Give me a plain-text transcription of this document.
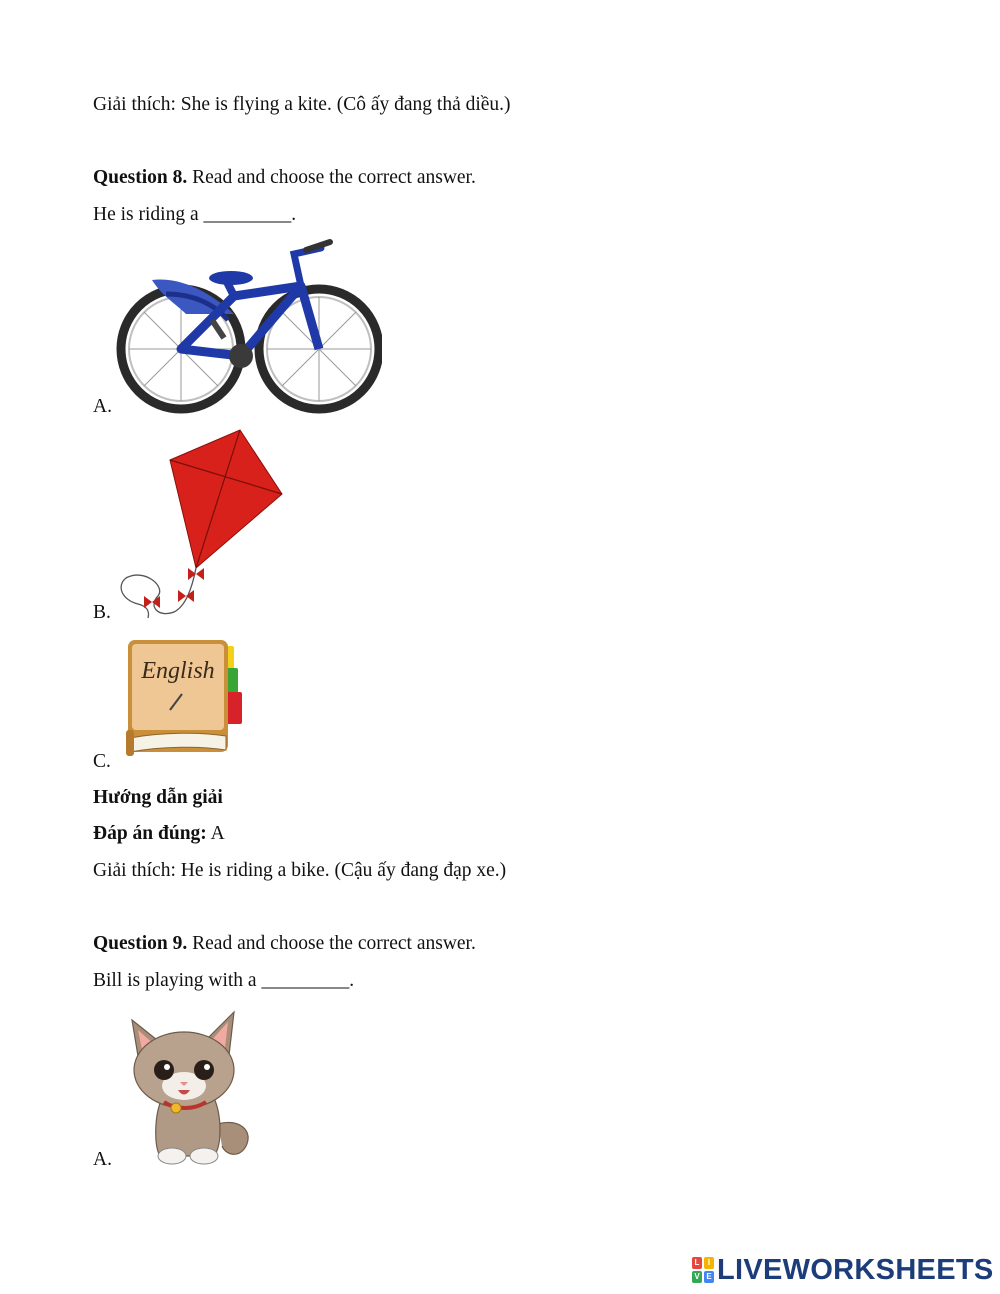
Giải thích: She is flying a kite. (Cô ấy đang thả diều.)
Question 8. Read and choose the correct answer.
He is riding a _________.
A.
B.
English
C.
Hướng dẫn giải
Đáp án đúng: A
Giải thích: He is riding a bike. (Cậu ấy đang đạp xe.)
Question 9. Read and choose the correct answer.
Bill is playing with a _________.
A.
L	I
V E LIVEWORKSHEETS
